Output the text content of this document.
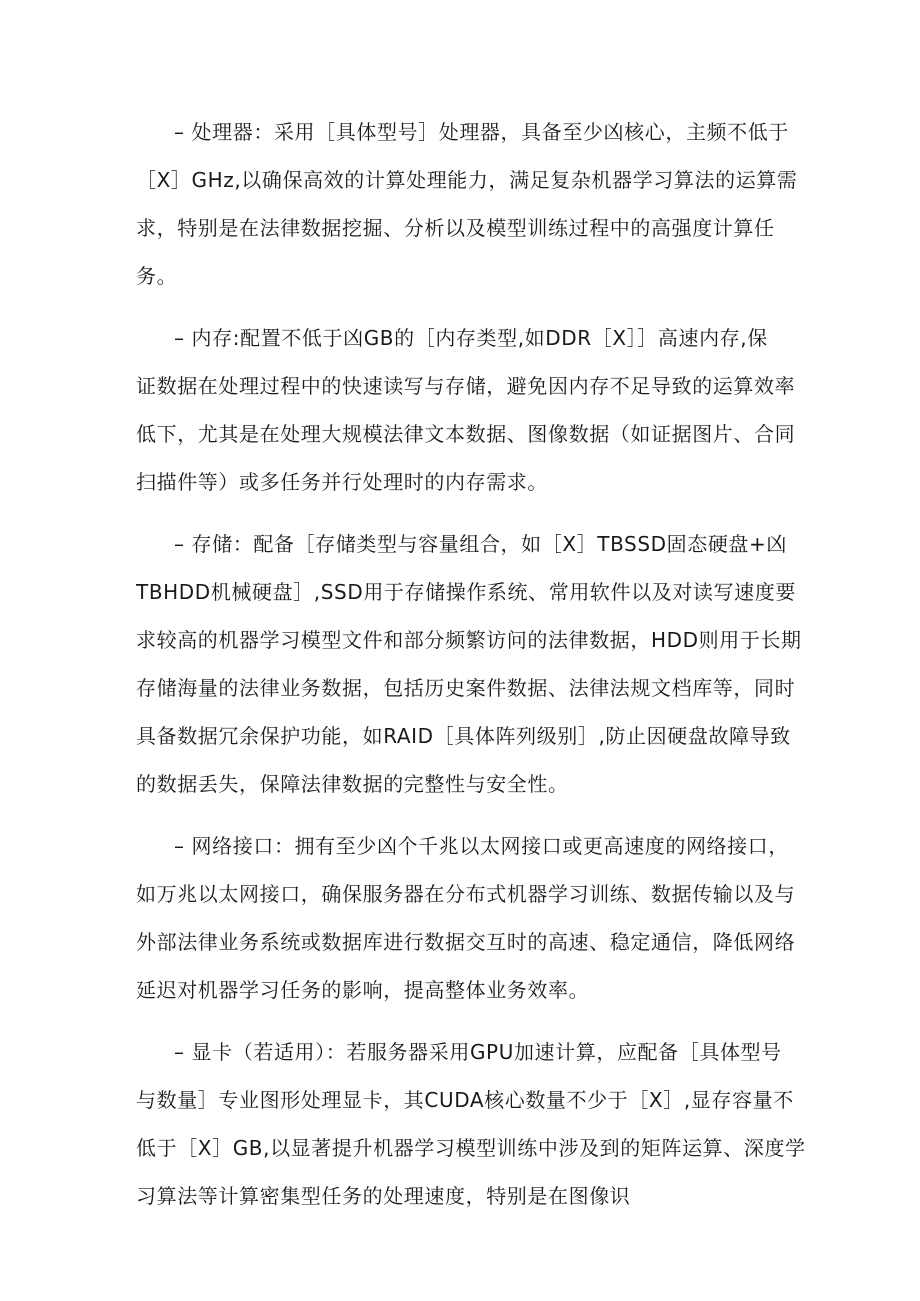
– 处理器：采用［具体型号］处理器，具备至少凶核心，主频不低于
［X］GHz,以确保高效的计算处理能力，满足复杂机器学习算法的运算需
求，特别是在法律数据挖掘、分析以及模型训练过程中的高强度计算任
务。
– 内存:配置不低于凶GB的［内存类型,如DDR［X］］高速内存,保
证数据在处理过程中的快速读写与存储，避免因内存不足导致的运算效率
低下，尤其是在处理大规模法律文本数据、图像数据（如证据图片、合同
扫描件等）或多任务并行处理时的内存需求。
– 存储：配备［存储类型与容量组合，如［X］TBSSD固态硬盘+凶
TBHDD机械硬盘］,SSD用于存储操作系统、常用软件以及对读写速度要
求较高的机器学习模型文件和部分频繁访问的法律数据，HDD则用于长期
存储海量的法律业务数据，包括历史案件数据、法律法规文档库等，同时
具备数据冗余保护功能，如RAID［具体阵列级别］,防止因硬盘故障导致
的数据丢失，保障法律数据的完整性与安全性。
– 网络接口：拥有至少凶个千兆以太网接口或更高速度的网络接口，
如万兆以太网接口，确保服务器在分布式机器学习训练、数据传输以及与
外部法律业务系统或数据库进行数据交互时的高速、稳定通信，降低网络
延迟对机器学习任务的影响，提高整体业务效率。
– 显卡（若适用）：若服务器采用GPU加速计算，应配备［具体型号
与数量］专业图形处理显卡，其CUDA核心数量不少于［X］,显存容量不
低于［X］GB,以显著提升机器学习模型训练中涉及到的矩阵运算、深度学
习算法等计算密集型任务的处理速度，特别是在图像识
